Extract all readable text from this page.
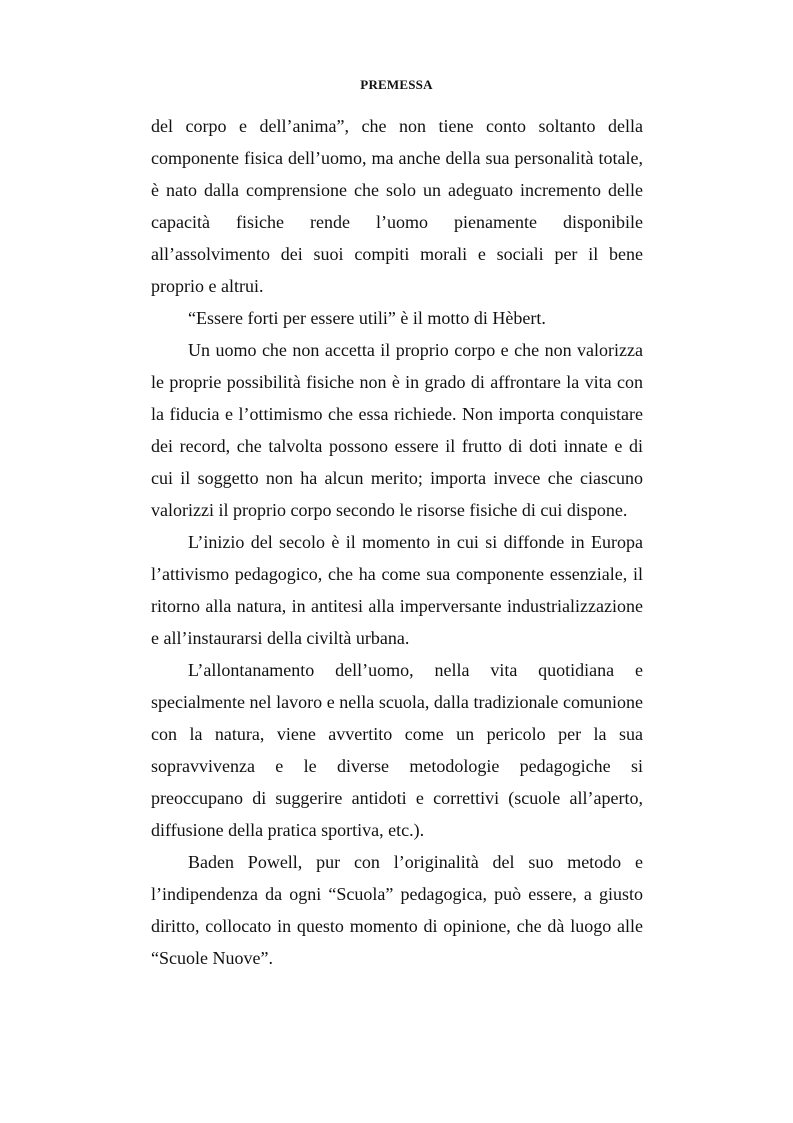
PREMESSA

del corpo e dell’anima”, che non tiene conto soltanto della componente fisica dell’uomo, ma anche della sua personalità totale, è nato dalla comprensione che solo un adeguato incremento delle capacità fisiche rende l’uomo pienamente disponibile all’assolvimento dei suoi compiti morali e sociali per il bene proprio e altrui.

“Essere forti per essere utili” è il motto di Hèbert.

Un uomo che non accetta il proprio corpo e che non valorizza le proprie possibilità fisiche non è in grado di affrontare la vita con la fiducia e l’ottimismo che essa richiede. Non importa conquistare dei record, che talvolta possono essere il frutto di doti innate e di cui il soggetto non ha alcun merito; importa invece che ciascuno valorizzi il proprio corpo secondo le risorse fisiche di cui dispone.

L’inizio del secolo è il momento in cui si diffonde in Europa l’attivismo pedagogico, che ha come sua componente essenziale, il ritorno alla natura, in antitesi alla imperversante industrializzazione e all’instaurarsi della civiltà urbana.

L’allontanamento dell’uomo, nella vita quotidiana e specialmente nel lavoro e nella scuola, dalla tradizionale comunione con la natura, viene avvertito come un pericolo per la sua sopravvivenza e le diverse metodologie pedagogiche si preoccupano di suggerire antidoti e correttivi (scuole all’aperto, diffusione della pratica sportiva, etc.).

Baden Powell, pur con l’originalità del suo metodo e l’indipendenza da ogni “Scuola” pedagogica, può essere, a giusto diritto, collocato in questo momento di opinione, che dà luogo alle “Scuole Nuove”.
